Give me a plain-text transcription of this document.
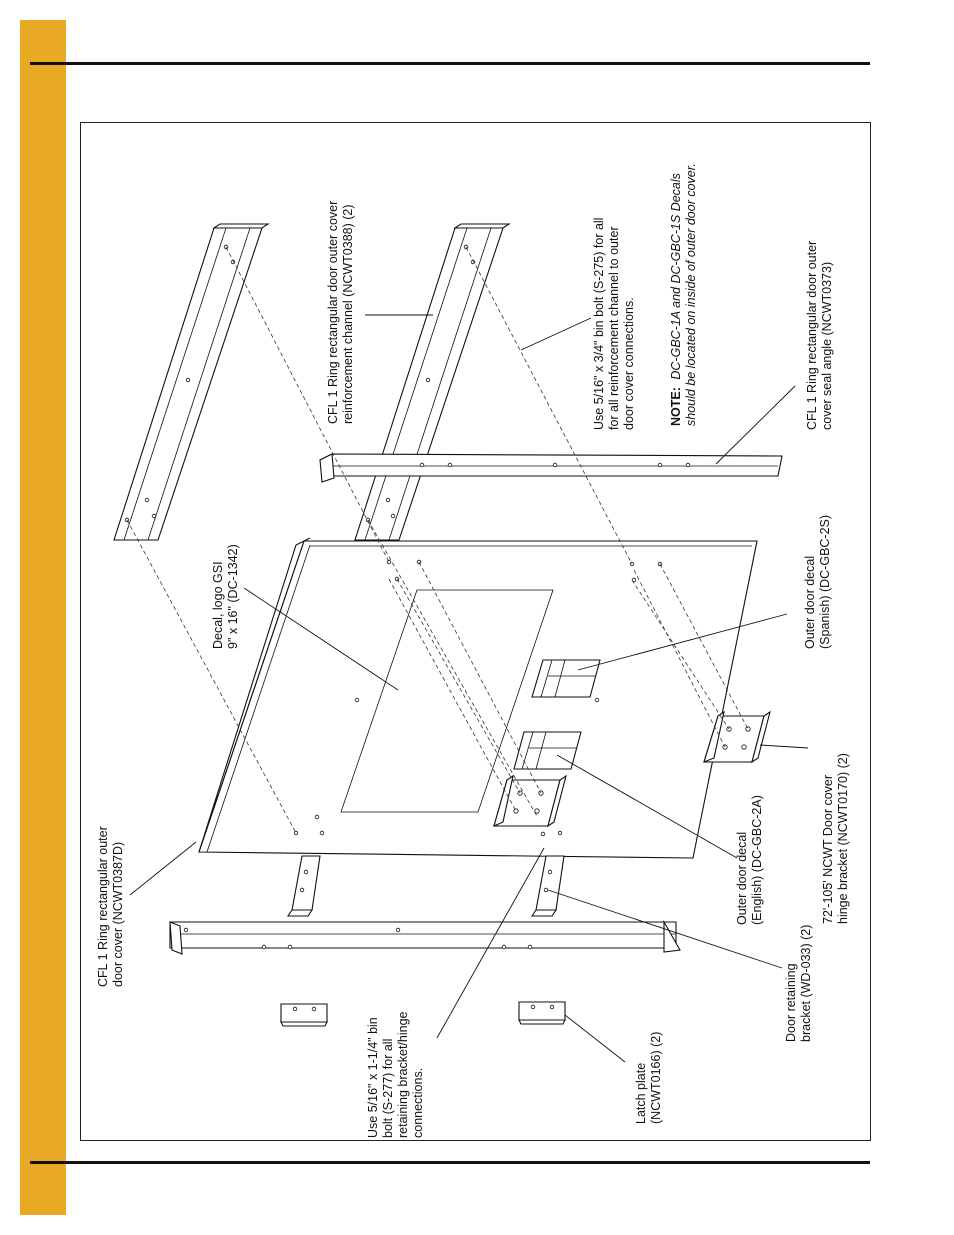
CFL 1 Ring rectangular outer door cover (NCWT0387D)
Use 5/16" x 1-1/4" bin bolt (S-277) for all retaining bracket/hinge connections.	Latch plate (NCWT0166) (2)
Door retaining bracket (WD-033) (2)
Outer door decal (English) (DC-GBC-2A)	72'-105' NCWT Door cover hinge bracket (NCWT0170) (2)
Outer door decal (Spanish) (DC-GBC-2S)
Decal, logo GSI 9" x 16" (DC-1342)
CFL 1 Ring rectangular door outer cover reinforcement channel (NCWT0388) (2)	Use 5/16" x 3/4" bin bolt (S-275) for all for all reinforcement channel to outer door cover connections.	NOTE: DC-GBC-1A and DC-GBC-1S Decals should be located on inside of outer door cover.	CFL 1 Ring rectangular door outer cover seal angle (NCWT0373)
